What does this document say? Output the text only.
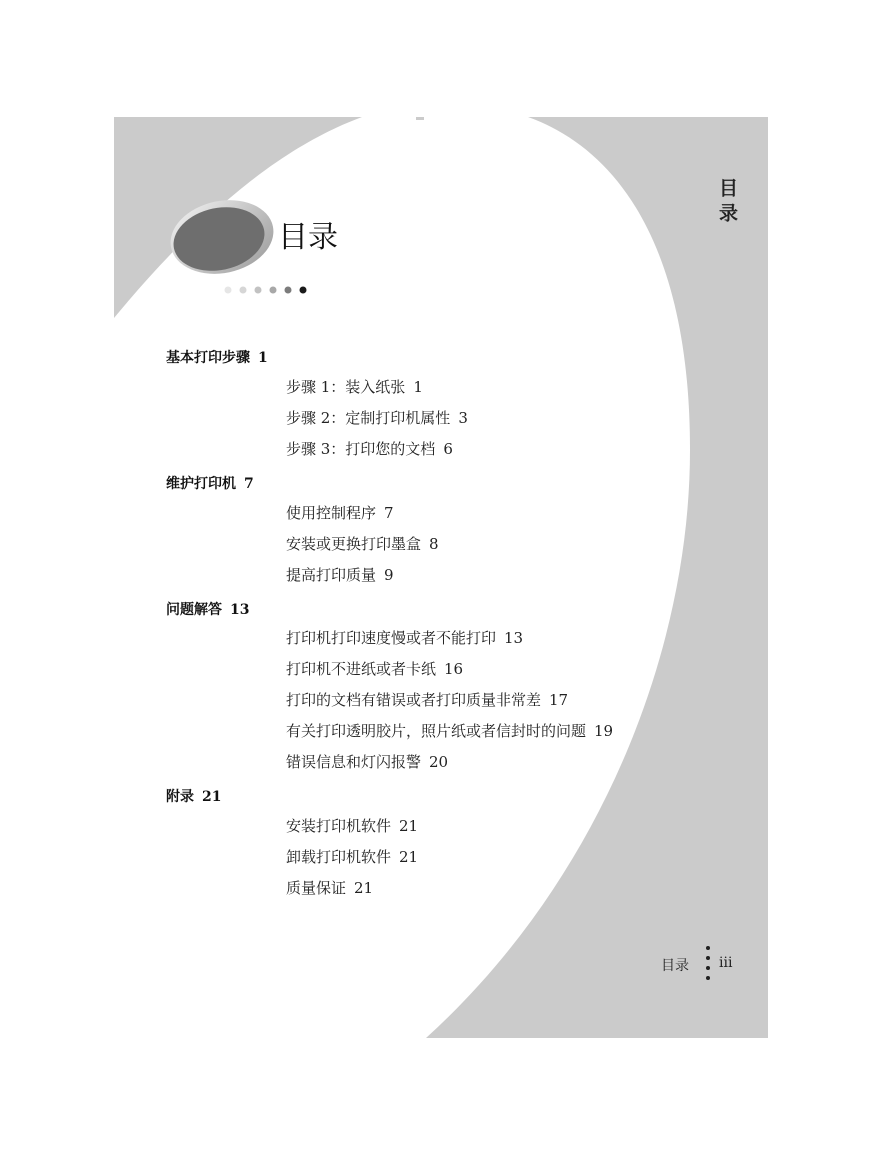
目录
目录
基本打印步骤 1
步骤 1：装入纸张 1
步骤 2：定制打印机属性 3
步骤 3：打印您的文档 6
维护打印机 7
使用控制程序 7
安装或更换打印墨盒 8
提高打印质量 9
问题解答 13
打印机打印速度慢或者不能打印 13
打印机不进纸或者卡纸 16
打印的文档有错误或者打印质量非常差 17
有关打印透明胶片，照片纸或者信封时的问题 19
错误信息和灯闪报警 20
附录 21
安装打印机软件 21
卸载打印机软件 21
质量保证 21
目录 iii
